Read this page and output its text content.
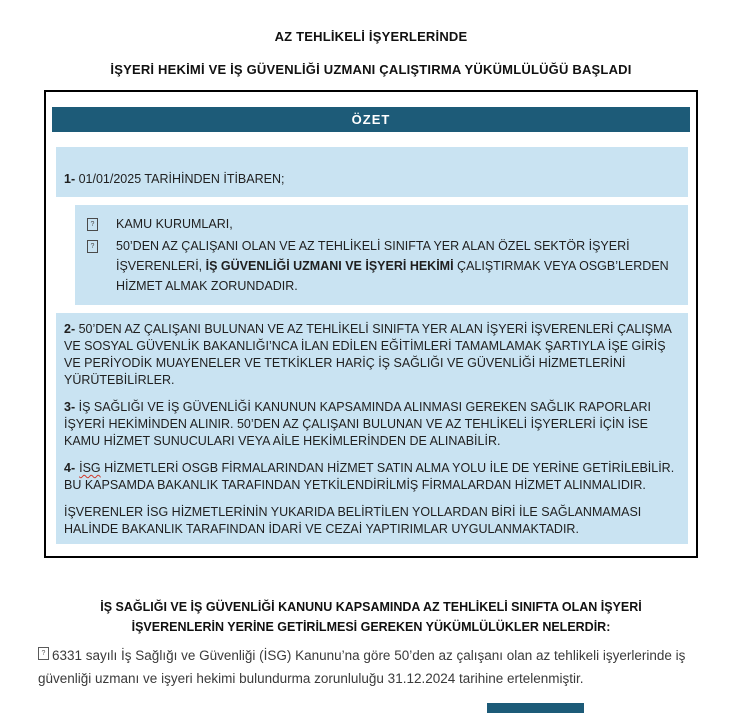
AZ TEHLİKELİ İŞYERLERİNDE
İŞYERİ HEKİMİ VE İŞ GÜVENLİĞİ UZMANI ÇALIŞTIRMA YÜKÜMLÜLÜĞÜ BAŞLADI
ÖZET
1- 01/01/2025 TARİHİNDEN İTİBAREN;
? KAMU KURUMLARI,
? 50’DEN AZ ÇALIŞANI OLAN VE AZ TEHLİKELİ SINIFTA YER ALAN ÖZEL SEKTÖR İŞYERİ İŞVERENLERİ, İŞ GÜVENLİĞİ UZMANI VE İŞYERİ HEKİMİ ÇALIŞTIRMAK VEYA OSGB’LERDEN HİZMET ALMAK ZORUNDADIR.

2- 50’DEN AZ ÇALIŞANI BULUNAN VE AZ TEHLİKELİ SINIFTA YER ALAN İŞYERİ İŞVERENLERİ ÇALIŞMA VE SOSYAL GÜVENLİK BAKANLIĞI’NCA İLAN EDİLEN EĞİTİMLERİ TAMAMLAMAK ŞARTIYLA İŞE GİRİŞ VE PERİYODİK MUAYENELER VE TETKİKLER HARİÇ İŞ SAĞLIĞI VE GÜVENLİĞİ HİZMETLERİNİ YÜRÜTEBİLİRLER.

3- İŞ SAĞLIĞI VE İŞ GÜVENLİĞİ KANUNUN KAPSAMINDA ALINMASI GEREKEN SAĞLIK RAPORLARI İŞYERİ HEKİMİNDEN ALINIR. 50’DEN AZ ÇALIŞANI BULUNAN VE AZ TEHLİKELİ İŞYERLERİ İÇİN İSE KAMU HİZMET SUNUCULARI VEYA AİLE HEKİMLERİNDEN DE ALINABİLİR.

4- İSG HİZMETLERİ OSGB FİRMALARINDAN HİZMET SATIN ALMA YOLU İLE DE YERİNE GETİRİLEBİLİR. BU KAPSAMDA BAKANLIK TARAFINDAN YETKİLENDİRİLMİŞ FİRMALARDAN HİZMET ALINMALIDIR.

İŞVERENLER İSG HİZMETLERİNİN YUKARIDA BELİRTİLEN YOLLARDAN BİRİ İLE SAĞLANMAMASI HALİNDE BAKANLIK TARAFINDAN İDARİ VE CEZAİ YAPTIRIMLAR UYGULANMAKTADIR.

İŞ SAĞLIĞI VE İŞ GÜVENLİĞİ KANUNU KAPSAMINDA AZ TEHLİKELİ SINIFTA OLAN İŞYERİ İŞVERENLERİN YERİNE GETİRİLMESİ GEREKEN YÜKÜMLÜLÜKLER NELERDİR:
? 6331 sayılı İş Sağlığı ve Güvenliği (İSG) Kanunu’na göre 50’den az çalışanı olan az tehlikeli işyerlerinde iş güvenliği uzmanı ve işyeri hekimi bulundurma zorunluluğu 31.12.2024 tarihine ertelenmiştir.
